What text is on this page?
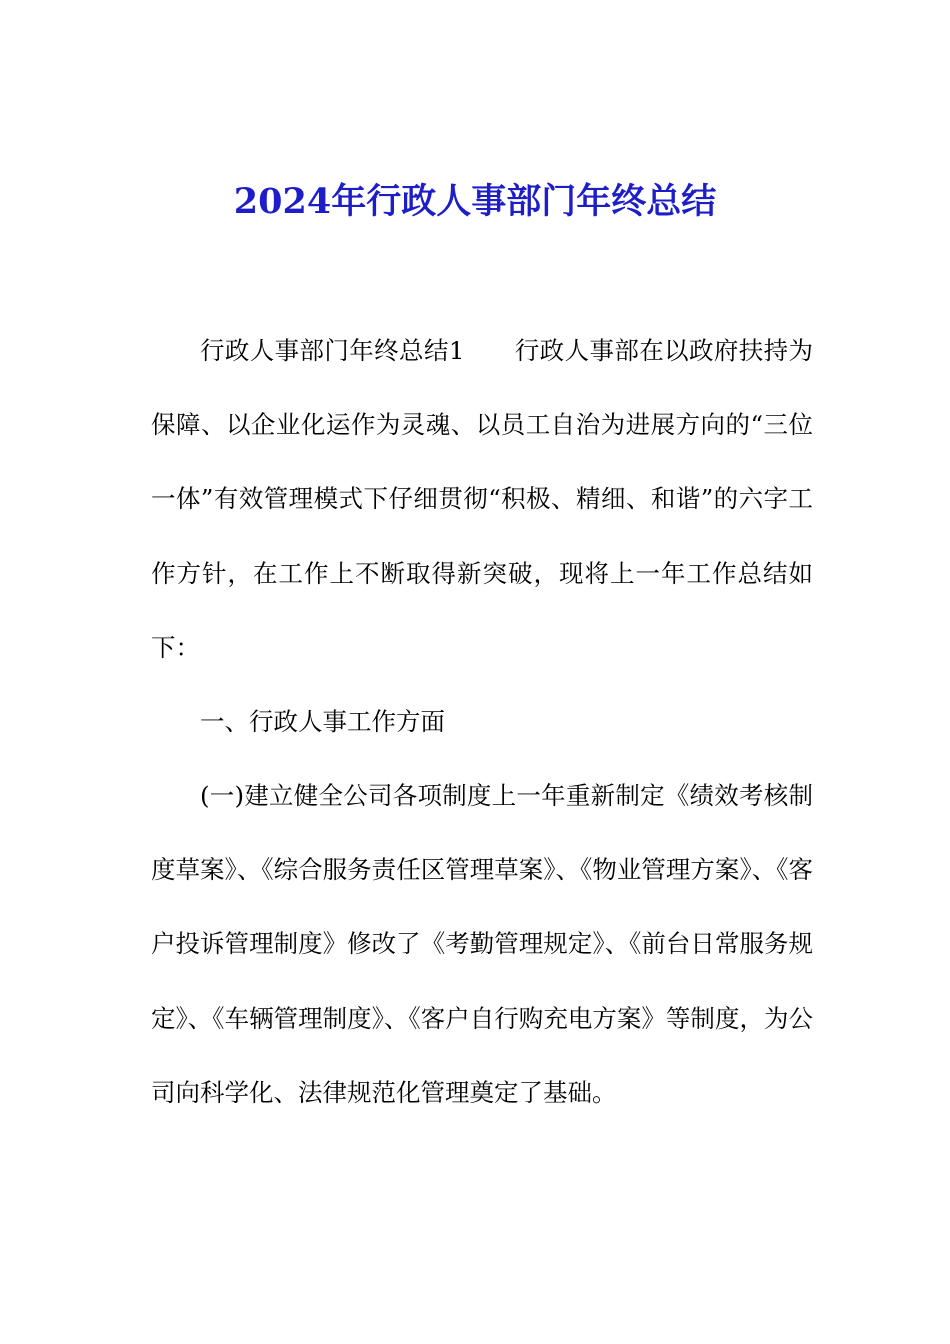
2024年行政人事部门年终总结

行政人事部门年终总结1 行政人事部在以政府扶持为保障、以企业化运作为灵魂、以员工自治为进展方向的“三位一体”有效管理模式下仔细贯彻“积极、精细、和谐”的六字工作方针，在工作上不断取得新突破，现将上一年工作总结如下：

一、行政人事工作方面

(一)建立健全公司各项制度上一年重新制定《绩效考核制度草案》、《综合服务责任区管理草案》、《物业管理方案》、《客户投诉管理制度》修改了《考勤管理规定》、《前台日常服务规定》、《车辆管理制度》、《客户自行购充电方案》等制度，为公司向科学化、法律规范化管理奠定了基础。
